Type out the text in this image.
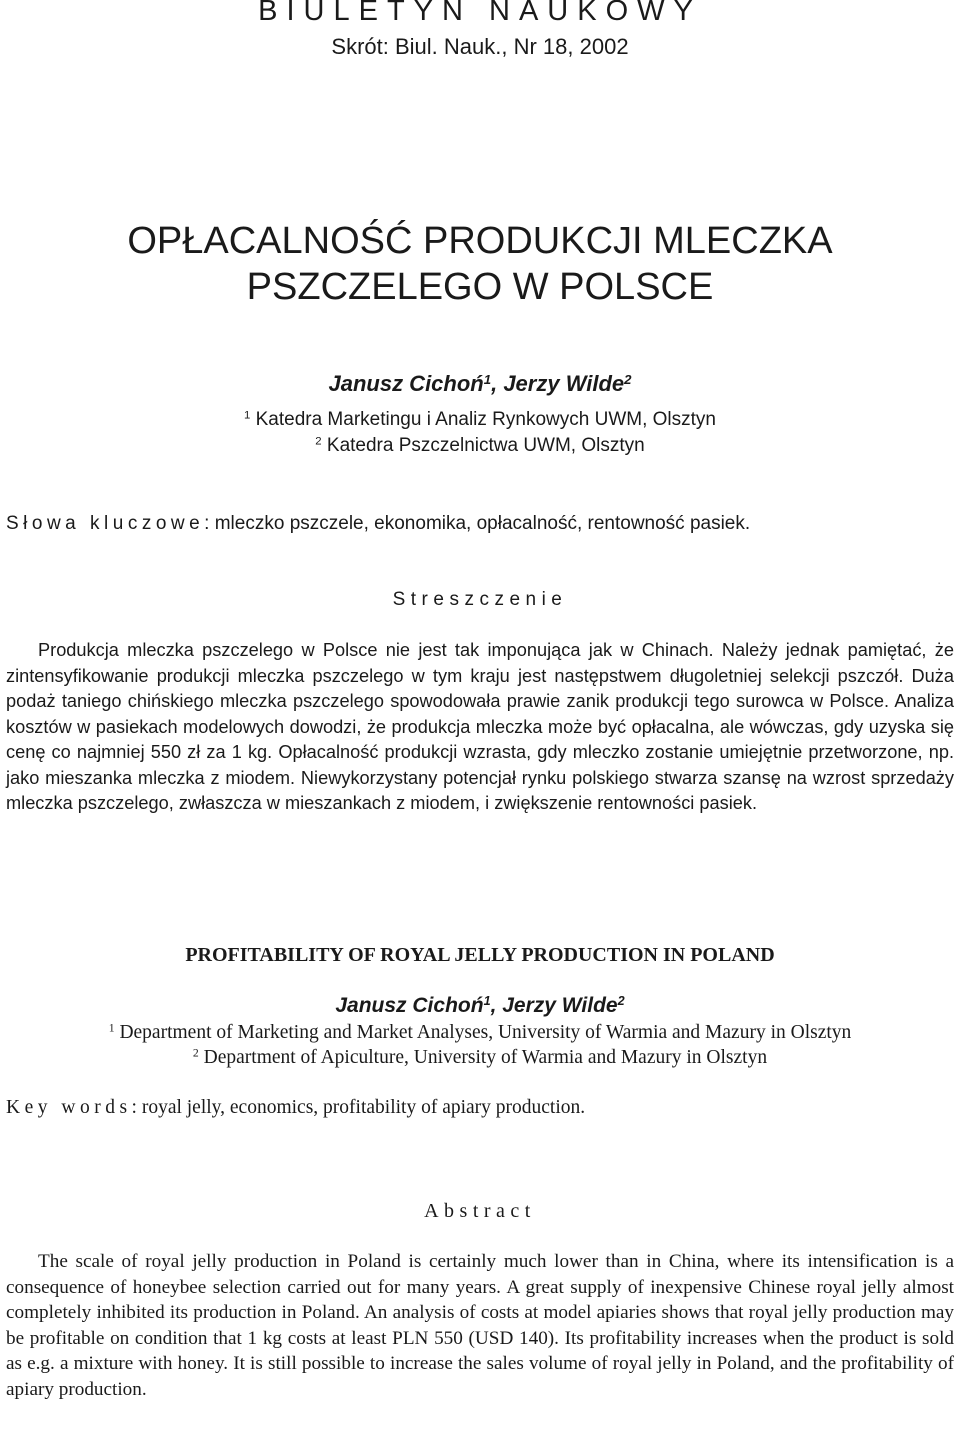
BIULETYN NAUKOWY
Skrót: Biul. Nauk., Nr 18, 2002
OPŁACALNOŚĆ PRODUKCJI MLECZKA
PSZCZELEGO W POLSCE
Janusz Cichoń$^1$, Jerzy Wilde$^2$
$^1$ Katedra Marketingu i Analiz Rynkowych UWM, Olsztyn
$^2$ Katedra Pszczelnictwa UWM, Olsztyn
Słowa kluczowe: mleczko pszczele, ekonomika, opłacalność, rentowność pasiek.
Streszczenie

Produkcja mleczka pszczelego w Polsce nie jest tak imponująca jak w Chinach. Należy jednak pamiętać, że zintensyfikowanie produkcji mleczka pszczelego w tym kraju jest następstwem długoletniej selekcji pszczół. Duża podaż taniego chińskiego mleczka pszczelego spowodowała prawie zanik produkcji tego surowca w Polsce. Analiza kosztów w pasiekach modelowych dowodzi, że produkcja mleczka może być opłacalna, ale wówczas, gdy uzyska się cenę co najmniej 550 zł za 1 kg. Opłacalność produkcji wzrasta, gdy mleczko zostanie umiejętnie przetworzone, np. jako mieszanka mleczka z miodem. Niewykorzystany potencjał rynku polskiego stwarza szansę na wzrost sprzedaży mleczka pszczelego, zwłaszcza w mieszankach z miodem, i zwiększenie rentowności pasiek.

PROFITABILITY OF ROYAL JELLY PRODUCTION IN POLAND
Janusz Cichoń$^1$, Jerzy Wilde$^2$
$^1$ Department of Marketing and Market Analyses, University of Warmia and Mazury in Olsztyn
$^2$ Department of Apiculture, University of Warmia and Mazury in Olsztyn
Key words: royal jelly, economics, profitability of apiary production.
Abstract

The scale of royal jelly production in Poland is certainly much lower than in China, where its intensification is a consequence of honeybee selection carried out for many years. A great supply of inexpensive Chinese royal jelly almost completely inhibited its production in Poland. An analysis of costs at model apiaries shows that royal jelly production may be profitable on condition that 1 kg costs at least PLN 550 (USD 140). Its profitability increases when the product is sold as e.g. a mixture with honey. It is still possible to increase the sales volume of royal jelly in Poland, and the profitability of apiary production.
